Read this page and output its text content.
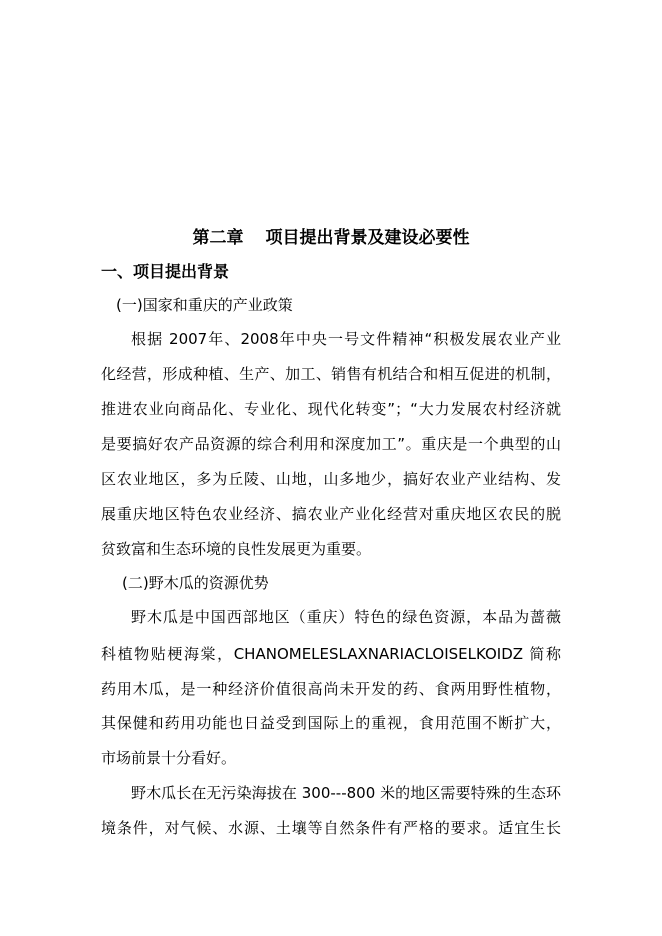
第二章 项目提出背景及建设必要性
一、项目提出背景
(一)国家和重庆的产业政策
根据 2007年、2008年中央一号文件精神“积极发展农业产业
化经营，形成种植、生产、加工、销售有机结合和相互促进的机制，
推进农业向商品化、专业化、现代化转变”；“大力发展农村经济就
是要搞好农产品资源的综合利用和深度加工”。重庆是一个典型的山
区农业地区，多为丘陵、山地，山多地少，搞好农业产业结构、发
展重庆地区特色农业经济、搞农业产业化经营对重庆地区农民的脱
贫致富和生态环境的良性发展更为重要。
(二)野木瓜的资源优势
野木瓜是中国西部地区（重庆）特色的绿色资源，本品为蔷薇
科植物贴梗海棠，CHANOMELESLAXNARIACLOISELKOIDZ 简称
药用木瓜，是一种经济价值很高尚未开发的药、食两用野性植物，
其保健和药用功能也日益受到国际上的重视，食用范围不断扩大，
市场前景十分看好。
野木瓜长在无污染海拔在 300---800 米的地区需要特殊的生态环
境条件，对气候、水源、土壤等自然条件有严格的要求。适宜生长
